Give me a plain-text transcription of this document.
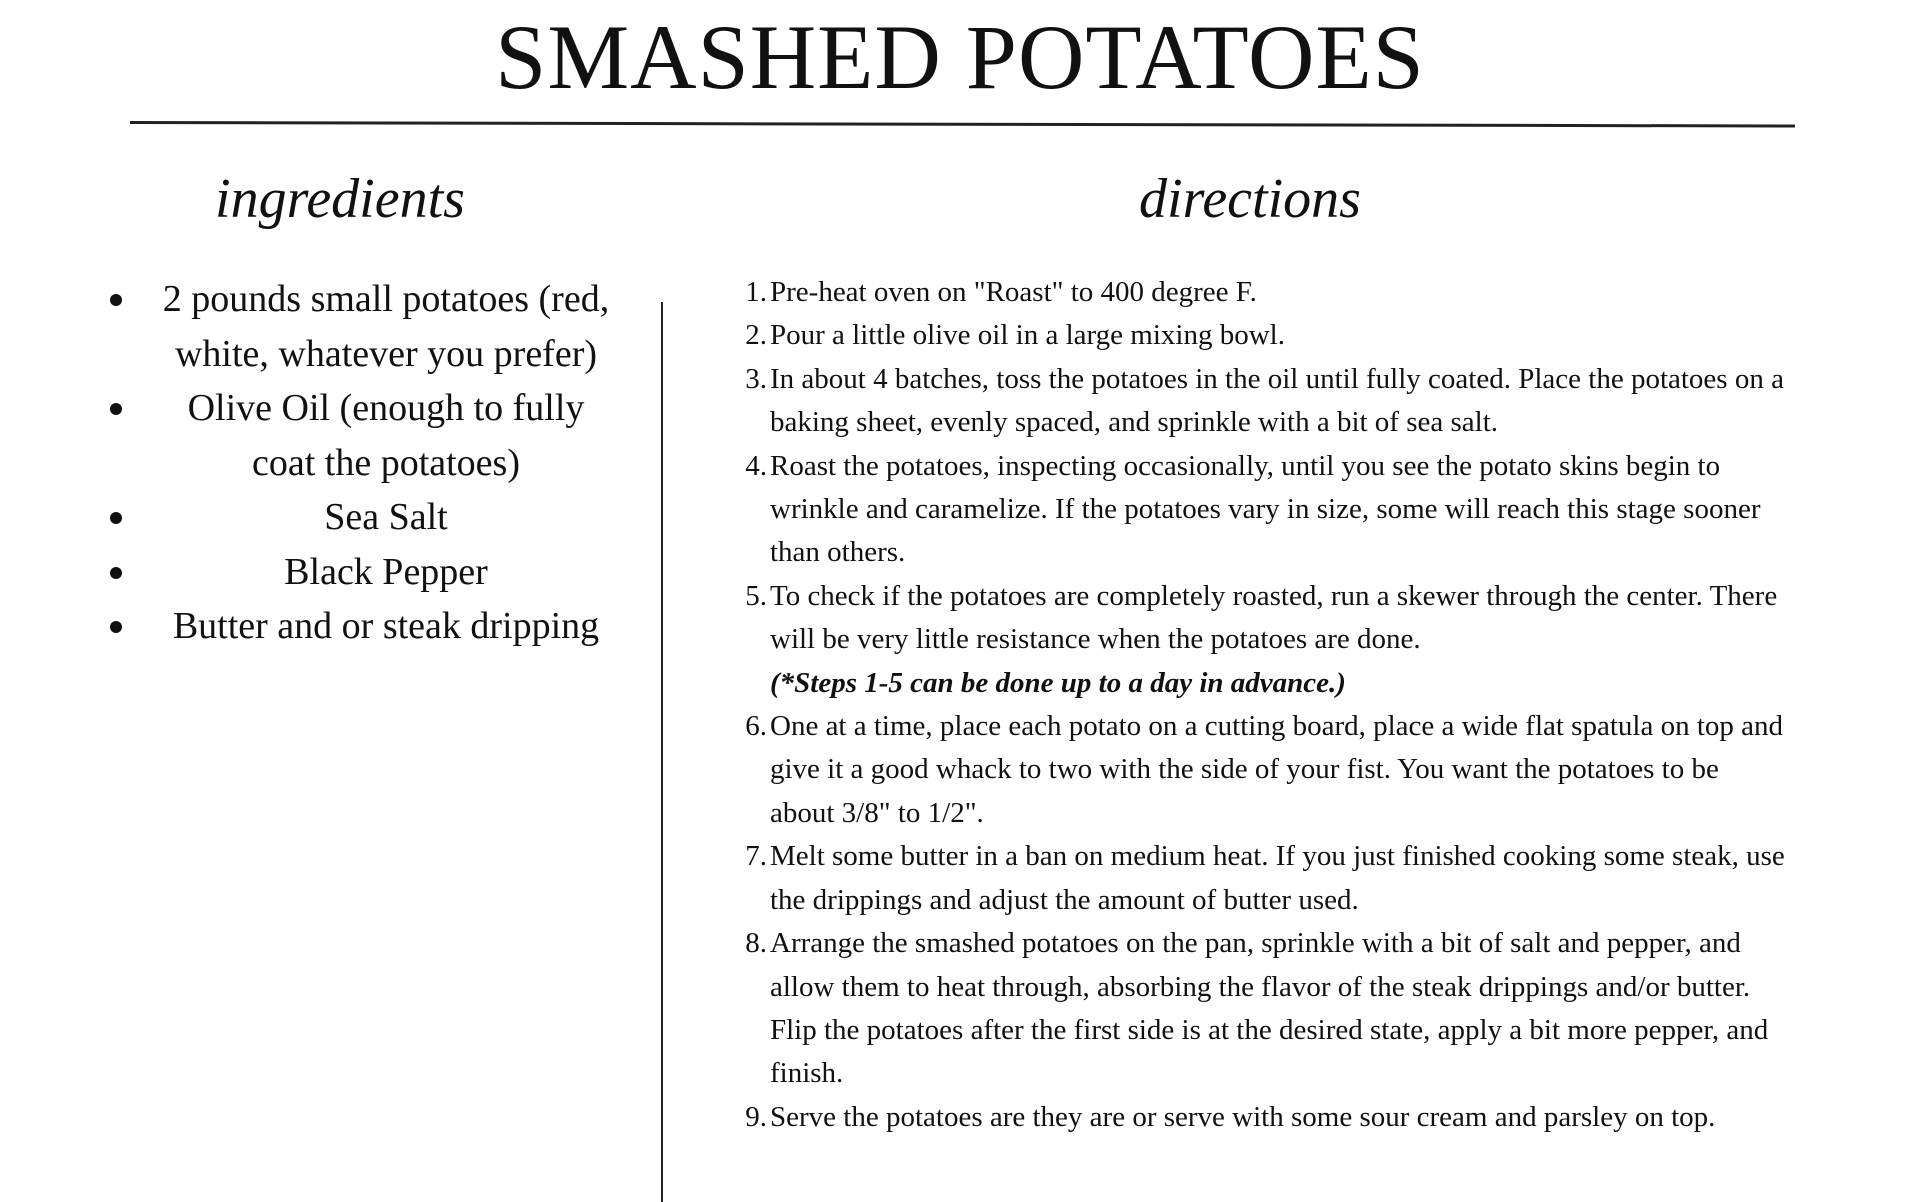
SMASHED POTATOES
ingredients	directions
2 pounds small potatoes (red, white, whatever you prefer)
Olive Oil (enough to fully coat the potatoes)
Sea Salt
Black Pepper
Butter and or steak dripping
1. Pre-heat oven on "Roast" to 400 degree F.
2. Pour a little olive oil in a large mixing bowl.
3. In about 4 batches, toss the potatoes in the oil until fully coated. Place the potatoes on a baking sheet, evenly spaced, and sprinkle with a bit of sea salt.
4. Roast the potatoes, inspecting occasionally, until you see the potato skins begin to wrinkle and caramelize. If the potatoes vary in size, some will reach this stage sooner than others.
5. To check if the potatoes are completely roasted, run a skewer through the center. There will be very little resistance when the potatoes are done.
(*Steps 1-5 can be done up to a day in advance.)
6. One at a time, place each potato on a cutting board, place a wide flat spatula on top and give it a good whack to two with the side of your fist. You want the potatoes to be about 3/8" to 1/2".
7. Melt some butter in a ban on medium heat. If you just finished cooking some steak, use the drippings and adjust the amount of butter used.
8. Arrange the smashed potatoes on the pan, sprinkle with a bit of salt and pepper, and allow them to heat through, absorbing the flavor of the steak drippings and/or butter. Flip the potatoes after the first side is at the desired state, apply a bit more pepper, and finish.
9. Serve the potatoes are they are or serve with some sour cream and parsley on top.
